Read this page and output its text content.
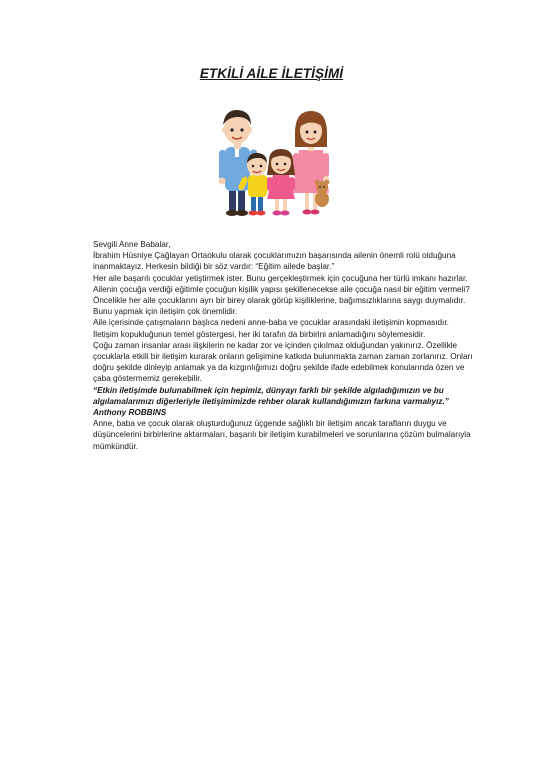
ETKİLİ AİLE İLETİŞİMİ

Sevgili Anne Babalar,

İbrahim Hüsniye Çağlayan Ortaokulu olarak çocuklarımızın başarısında ailenin önemli rolü olduğuna inanmaktayız. Herkesin bildiği bir söz vardır: “Eğitim ailede başlar.”

Her aile başarılı çocuklar yetiştirmek ister. Bunu gerçekleştirmek için çocuğuna her türlü imkanı hazırlar. Ailenin çocuğa verdiği eğitimle çocuğun kişilik yapısı şekillenecekse aile çocuğa nasıl bir eğitim vermeli? Öncelikle her aile çocuklarını ayrı bir birey olarak görüp kişiliklerine, bağımsızlıklarına saygı duymalıdır. Bunu yapmak için iletişim çok önemlidir.

Aile içerisinde çatışmaların başlıca nedeni anne-baba ve çocuklar arasındaki iletişimin kopmasıdır. İletişim kopukluğunun temel göstergesi, her iki tarafın da birbirini anlamadığını söylemesidir.

Çoğu zaman insanlar arası ilişkilerin ne kadar zor ve içinden çıkılmaz olduğundan yakınırız. Özellikle çocuklarla etkili bir iletişim kurarak onların gelişimine katkıda bulunmakta zaman zaman zorlanırız. Onları doğru şekilde dinleyip anlamak ya da kızgınlığımızı doğru şekilde ifade edebilmek konularında özen ve çaba göstermemiz gerekebilir.

“Etkin iletişimde bulunabilmek için hepimiz, dünyayı farklı bir şekilde algıladığımızın ve bu algılamalarımızı diğerleriyle iletişimimizde rehber olarak kullandığımızın farkına varmalıyız.”

Anthony ROBBINS

Anne, baba ve çocuk olarak oluşturduğunuz üçgende sağlıklı bir iletişim ancak tarafların duygu ve düşüncelerini birbirlerine aktarmaları, başarılı bir iletişim kurabilmeleri ve sorunlarına çözüm bulmalarıyla mümkündür.
